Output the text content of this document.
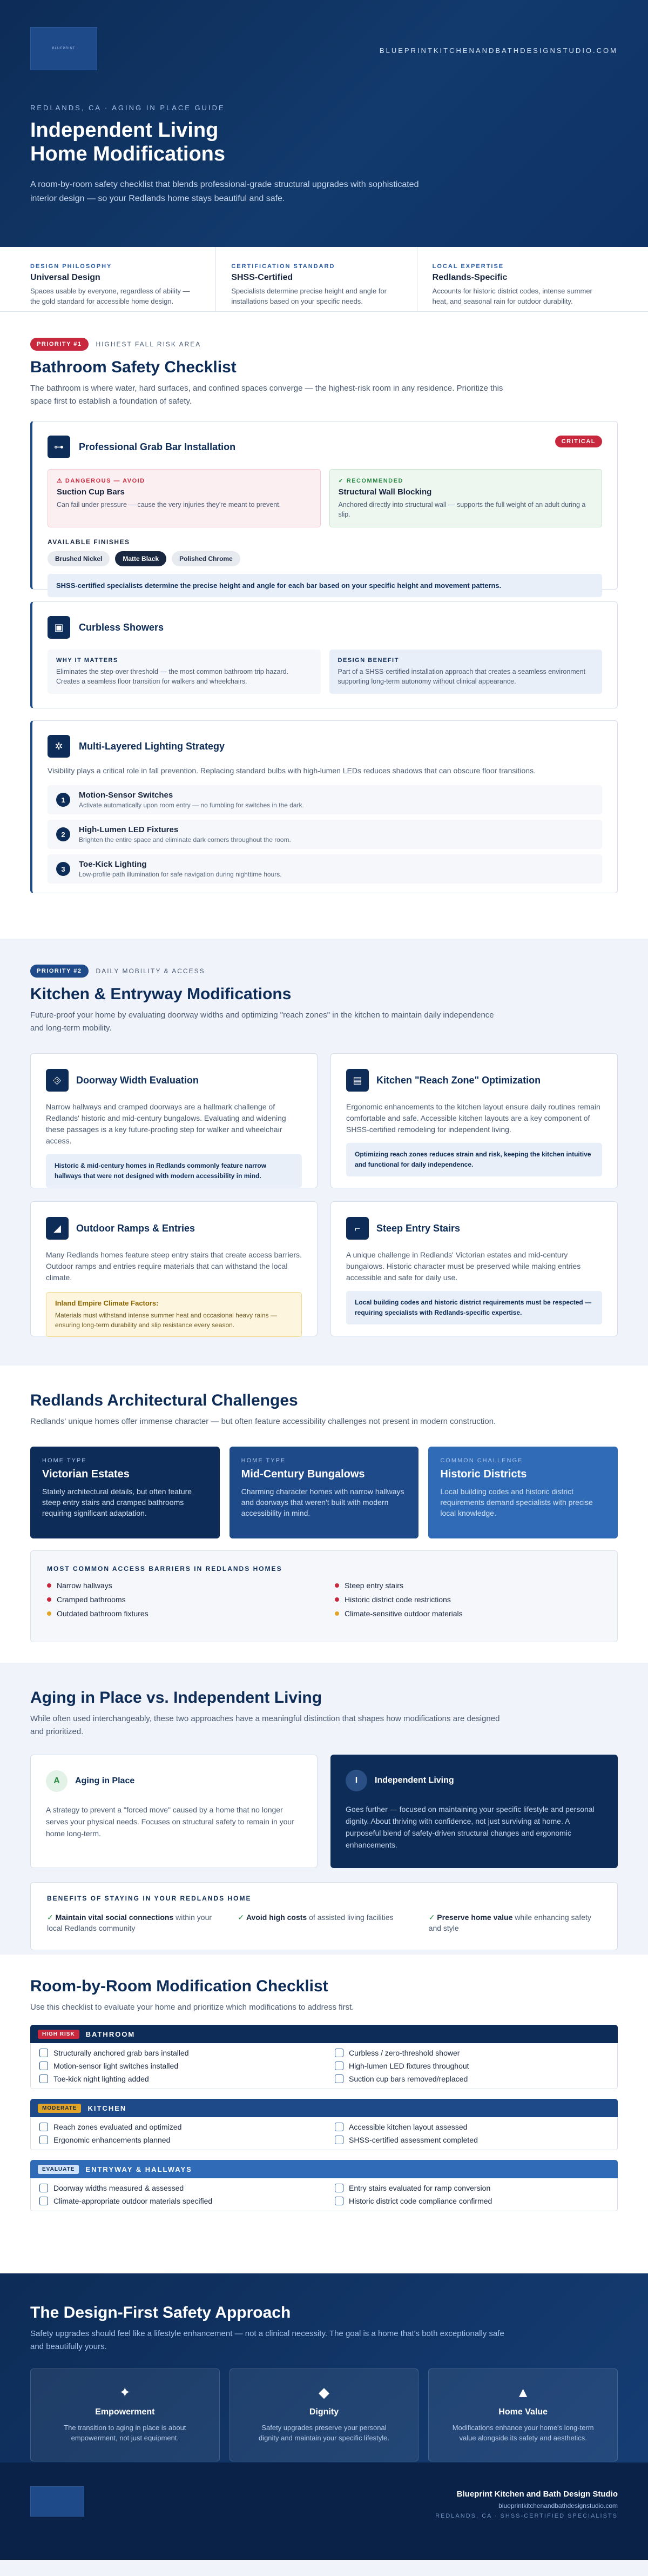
BLUEPRINT	BLUEPRINTKITCHENANDBATHDESIGNSTUDIO.COM
REDLANDS, CA · AGING IN PLACE GUIDE
Independent Living
Home Modifications

A room-by-room safety checklist that blends professional-grade structural upgrades with sophisticated interior design — so your Redlands home stays beautiful and safe.

DESIGN PHILOSOPHY
Universal Design
Spaces usable by everyone, regardless of ability — the gold standard for accessible home design.
CERTIFICATION STANDARD
SHSS-Certified
Specialists determine precise height and angle for installations based on your specific needs.
LOCAL EXPERTISE
Redlands-Specific
Accounts for historic district codes, intense summer heat, and seasonal rain for outdoor durability.
PRIORITY #1	HIGHEST FALL RISK AREA
Bathroom Safety Checklist

The bathroom is where water, hard surfaces, and confined spaces converge — the highest-risk room in any residence. Prioritize this space first to establish a foundation of safety.

⊶	Professional Grab Bar Installation	CRITICAL
⚠ DANGEROUS — AVOID
Suction Cup Bars
Can fail under pressure — cause the very injuries they're meant to prevent.
✓ RECOMMENDED
Structural Wall Blocking
Anchored directly into structural wall — supports the full weight of an adult during a slip.
AVAILABLE FINISHES
Brushed Nickel	Matte Black	Polished Chrome
SHSS-certified specialists determine the precise height and angle for each bar based on your specific height and movement patterns.
▣	Curbless Showers
WHY IT MATTERS
Eliminates the step-over threshold — the most common bathroom trip hazard. Creates a seamless floor transition for walkers and wheelchairs.
DESIGN BENEFIT
Part of a SHSS-certified installation approach that creates a seamless environment supporting long-term autonomy without clinical appearance.
✲	Multi-Layered Lighting Strategy

Visibility plays a critical role in fall prevention. Replacing standard bulbs with high-lumen LEDs reduces shadows that can obscure floor transitions.

1	Motion-Sensor Switches
Activate automatically upon room entry — no fumbling for switches in the dark.
2	High-Lumen LED Fixtures
Brighten the entire space and eliminate dark corners throughout the room.
3	Toe-Kick Lighting
Low-profile path illumination for safe navigation during nighttime hours.
PRIORITY #2	DAILY MOBILITY & ACCESS
Kitchen & Entryway Modifications

Future-proof your home by evaluating doorway widths and optimizing "reach zones" in the kitchen to maintain daily independence and long-term mobility.

⎆	Doorway Width Evaluation
Narrow hallways and cramped doorways are a hallmark challenge of Redlands' historic and mid-century bungalows. Evaluating and widening these passages is a key future-proofing step for walker and wheelchair access.
Historic & mid-century homes in Redlands commonly feature narrow hallways that were not designed with modern accessibility in mind.
▤	Kitchen "Reach Zone" Optimization
Ergonomic enhancements to the kitchen layout ensure daily routines remain comfortable and safe. Accessible kitchen layouts are a key component of SHSS-certified remodeling for independent living.
Optimizing reach zones reduces strain and risk, keeping the kitchen intuitive and functional for daily independence.
◢	Outdoor Ramps & Entries
Many Redlands homes feature steep entry stairs that create access barriers. Outdoor ramps and entries require materials that can withstand the local climate.
Inland Empire Climate Factors:
Materials must withstand intense summer heat and occasional heavy rains — ensuring long-term durability and slip resistance every season.
⌐	Steep Entry Stairs
A unique challenge in Redlands' Victorian estates and mid-century bungalows. Historic character must be preserved while making entries accessible and safe for daily use.
Local building codes and historic district requirements must be respected — requiring specialists with Redlands-specific expertise.
Redlands Architectural Challenges

Redlands' unique homes offer immense character — but often feature accessibility challenges not present in modern construction.

HOME TYPE
Victorian Estates
Stately architectural details, but often feature steep entry stairs and cramped bathrooms requiring significant adaptation.
HOME TYPE
Mid-Century Bungalows
Charming character homes with narrow hallways and doorways that weren't built with modern accessibility in mind.
COMMON CHALLENGE
Historic Districts
Local building codes and historic district requirements demand specialists with precise local knowledge.
MOST COMMON ACCESS BARRIERS IN REDLANDS HOMES
Narrow hallways	Steep entry stairs
Cramped bathrooms	Historic district code restrictions
Outdated bathroom fixtures	Climate-sensitive outdoor materials
Aging in Place vs. Independent Living

While often used interchangeably, these two approaches have a meaningful distinction that shapes how modifications are designed and prioritized.

A	Aging in Place
A strategy to prevent a "forced move" caused by a home that no longer serves your physical needs. Focuses on structural safety to remain in your home long-term.
I	Independent Living
Goes further — focused on maintaining your specific lifestyle and personal dignity. About thriving with confidence, not just surviving at home. A purposeful blend of safety-driven structural changes and ergonomic enhancements.
BENEFITS OF STAYING IN YOUR REDLANDS HOME
✓ Maintain vital social connections within your local Redlands community
✓ Avoid high costs of assisted living facilities	✓ Preserve home value while enhancing safety and style
Room-by-Room Modification Checklist

Use this checklist to evaluate your home and prioritize which modifications to address first.

HIGH RISK	BATHROOM
Structurally anchored grab bars installed	Curbless / zero-threshold shower
Motion-sensor light switches installed	High-lumen LED fixtures throughout
Toe-kick night lighting added	Suction cup bars removed/replaced
MODERATE	KITCHEN
Reach zones evaluated and optimized	Accessible kitchen layout assessed
Ergonomic enhancements planned	SHSS-certified assessment completed
EVALUATE	ENTRYWAY & HALLWAYS
Doorway widths measured & assessed	Entry stairs evaluated for ramp conversion
Climate-appropriate outdoor materials specified	Historic district code compliance confirmed
The Design-First Safety Approach

Safety upgrades should feel like a lifestyle enhancement — not a clinical necessity. The goal is a home that's both exceptionally safe and beautifully yours.

✦
Empowerment
The transition to aging in place is about empowerment, not just equipment.
◆
Dignity
Safety upgrades preserve your personal dignity and maintain your specific lifestyle.
▲
Home Value
Modifications enhance your home's long-term value alongside its safety and aesthetics.
Blueprint Kitchen and Bath Design Studio
blueprintkitchenandbathdesignstudio.com
REDLANDS, CA · SHSS-CERTIFIED SPECIALISTS
